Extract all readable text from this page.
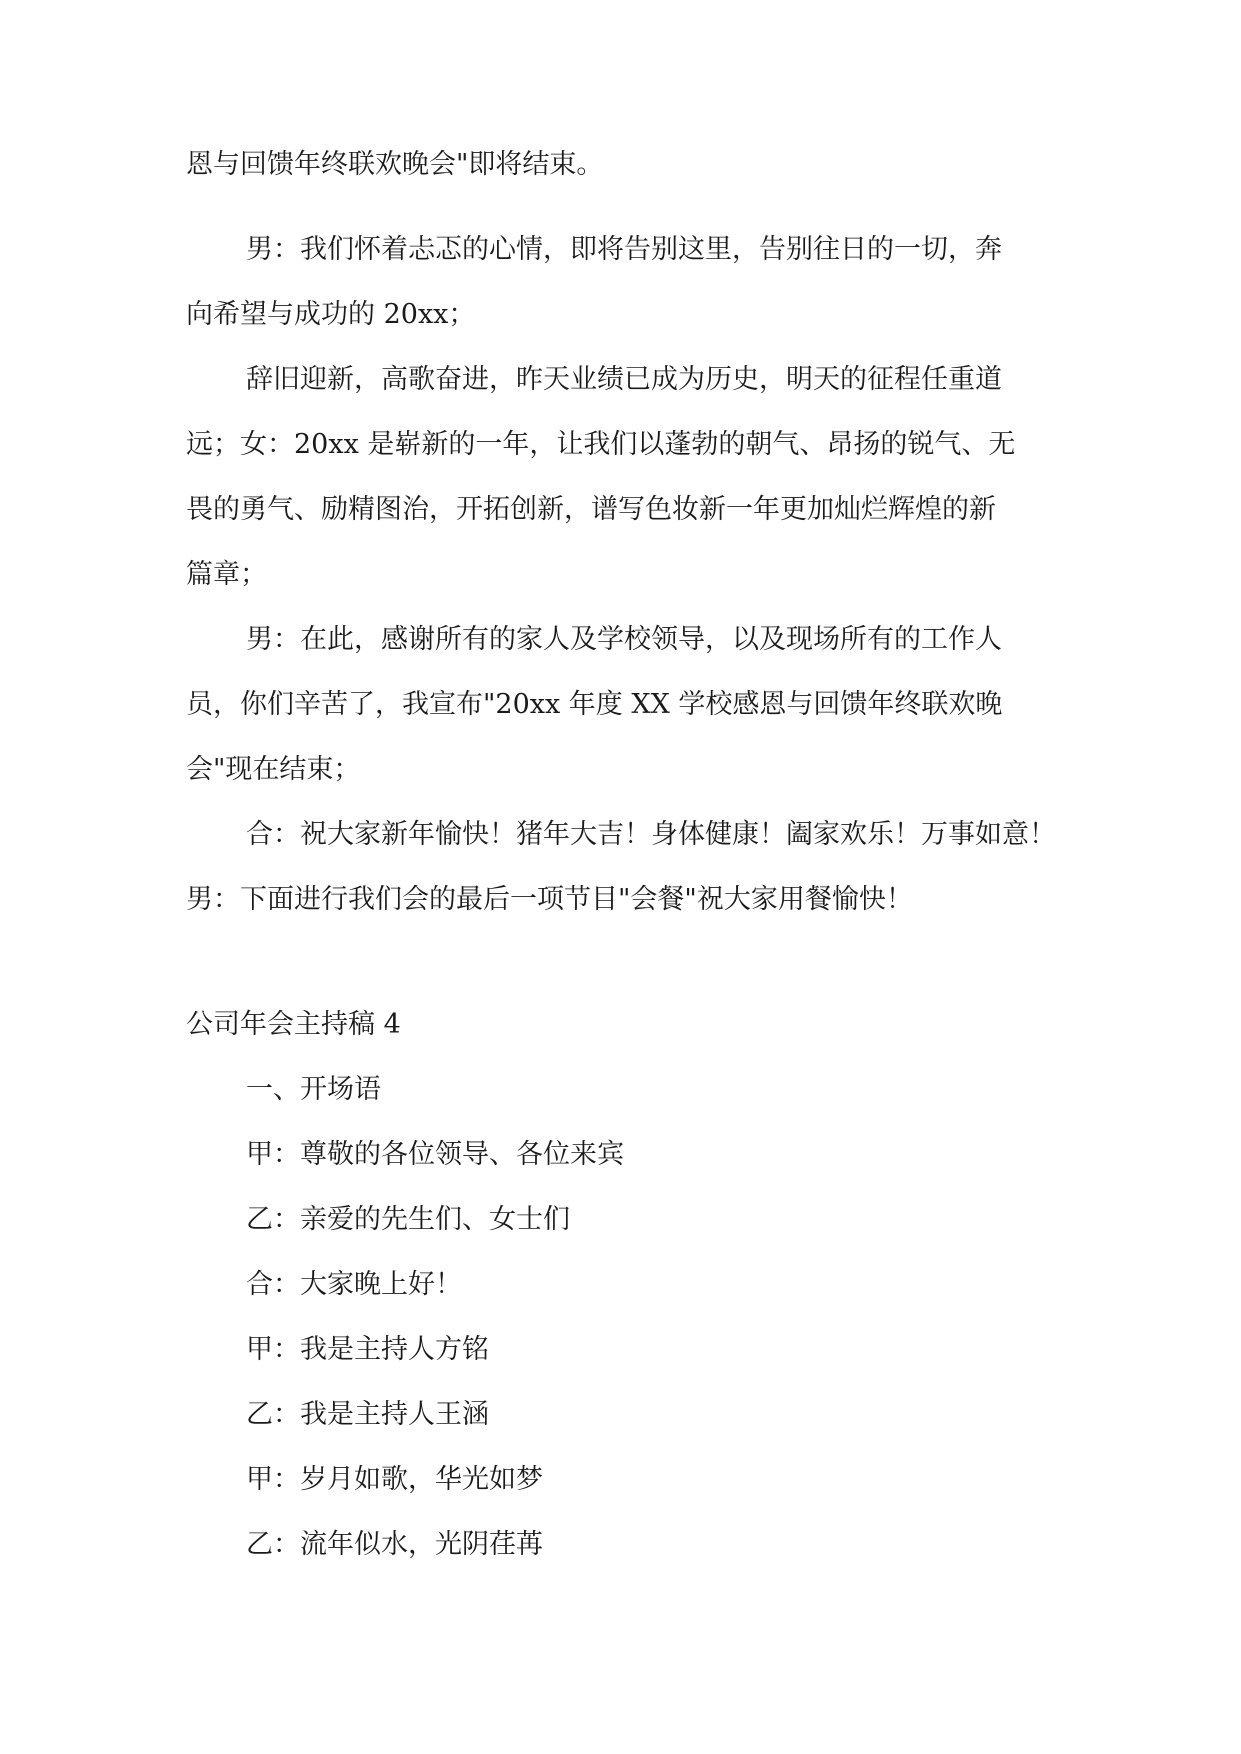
恩与回馈年终联欢晚会"即将结束。
男：我们怀着忐忑的心情，即将告别这里，告别往日的一切，奔
向希望与成功的 20xx；
辞旧迎新，高歌奋进，昨天业绩已成为历史，明天的征程任重道
远；女：20xx 是崭新的一年，让我们以蓬勃的朝气、昂扬的锐气、无
畏的勇气、励精图治，开拓创新，谱写色妆新一年更加灿烂辉煌的新
篇章；
男：在此，感谢所有的家人及学校领导，以及现场所有的工作人
员，你们辛苦了，我宣布"20xx 年度 XX 学校感恩与回馈年终联欢晚
会"现在结束；
合：祝大家新年愉快！猪年大吉！身体健康！阖家欢乐！万事如意！
男：下面进行我们会的最后一项节目"会餐"祝大家用餐愉快！
公司年会主持稿 4
一、开场语
甲：尊敬的各位领导、各位来宾
乙：亲爱的先生们、女士们
合：大家晚上好！
甲：我是主持人方铭
乙：我是主持人王涵
甲：岁月如歌，华光如梦
乙：流年似水，光阴荏苒
